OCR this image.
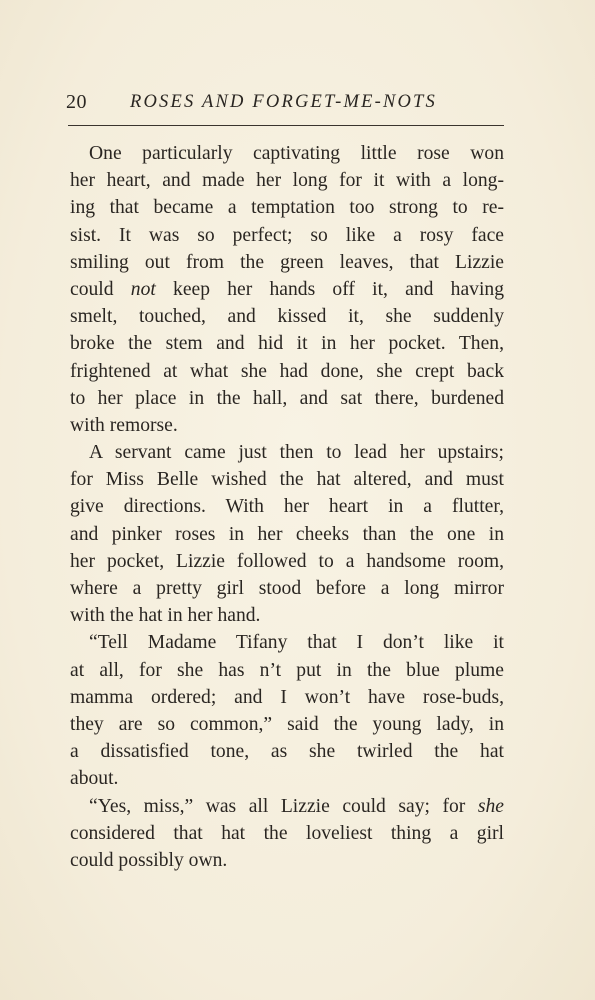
20 ROSES AND FORGET-ME-NOTS
One particularly captivating little rose won
her heart, and made her long for it with a long-
ing that became a temptation too strong to re-
sist. It was so perfect; so like a rosy face
smiling out from the green leaves, that Lizzie
could not keep her hands off it, and having
smelt, touched, and kissed it, she suddenly
broke the stem and hid it in her pocket. Then,
frightened at what she had done, she crept back
to her place in the hall, and sat there, burdened
with remorse.
A servant came just then to lead her upstairs;
for Miss Belle wished the hat altered, and must
give directions. With her heart in a flutter,
and pinker roses in her cheeks than the one in
her pocket, Lizzie followed to a handsome room,
where a pretty girl stood before a long mirror
with the hat in her hand.
“Tell Madame Tifany that I don’t like it
at all, for she has n’t put in the blue plume
mamma ordered; and I won’t have rose-buds,
they are so common,” said the young lady, in
a dissatisfied tone, as she twirled the hat
about.
“Yes, miss,” was all Lizzie could say; for she
considered that hat the loveliest thing a girl
could possibly own.
